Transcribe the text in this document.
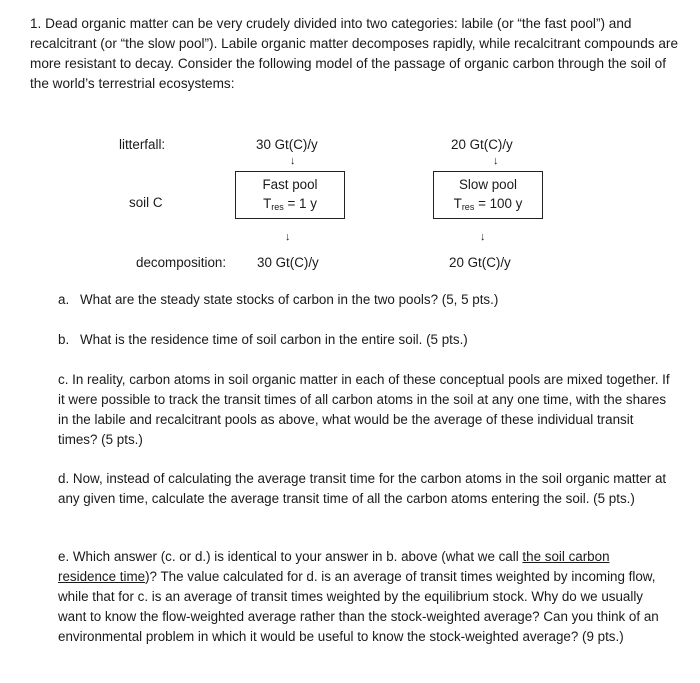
1. Dead organic matter can be very crudely divided into two categories: labile (or “the fast pool”) and recalcitrant (or “the slow pool”). Labile organic matter decomposes rapidly, while recalcitrant compounds are more resistant to decay. Consider the following model of the passage of organic carbon through the soil of the world’s terrestrial ecosystems:

litterfall:	30 Gt(C)/y	20 Gt(C)/y
↓	↓
soil C
Fast pool
$T_{res} = 1$ y
Slow pool
$T_{res} = 100$ y
↓	↓
decomposition: 30 Gt(C)/y	20 Gt(C)/y

a. What are the steady state stocks of carbon in the two pools? (5, 5 pts.)

b. What is the residence time of soil carbon in the entire soil. (5 pts.)

c. In reality, carbon atoms in soil organic matter in each of these conceptual pools are mixed together. If it were possible to track the transit times of all carbon atoms in the soil at any one time, with the shares in the labile and recalcitrant pools as above, what would be the average of these individual transit times? (5 pts.)

d. Now, instead of calculating the average transit time for the carbon atoms in the soil organic matter at any given time, calculate the average transit time of all the carbon atoms entering the soil. (5 pts.)

e. Which answer (c. or d.) is identical to your answer in b. above (what we call the soil carbon residence time)? The value calculated for d. is an average of transit times weighted by incoming flow, while that for c. is an average of transit times weighted by the equilibrium stock. Why do we usually want to know the flow-weighted average rather than the stock-weighted average? Can you think of an environmental problem in which it would be useful to know the stock-weighted average? (9 pts.)
